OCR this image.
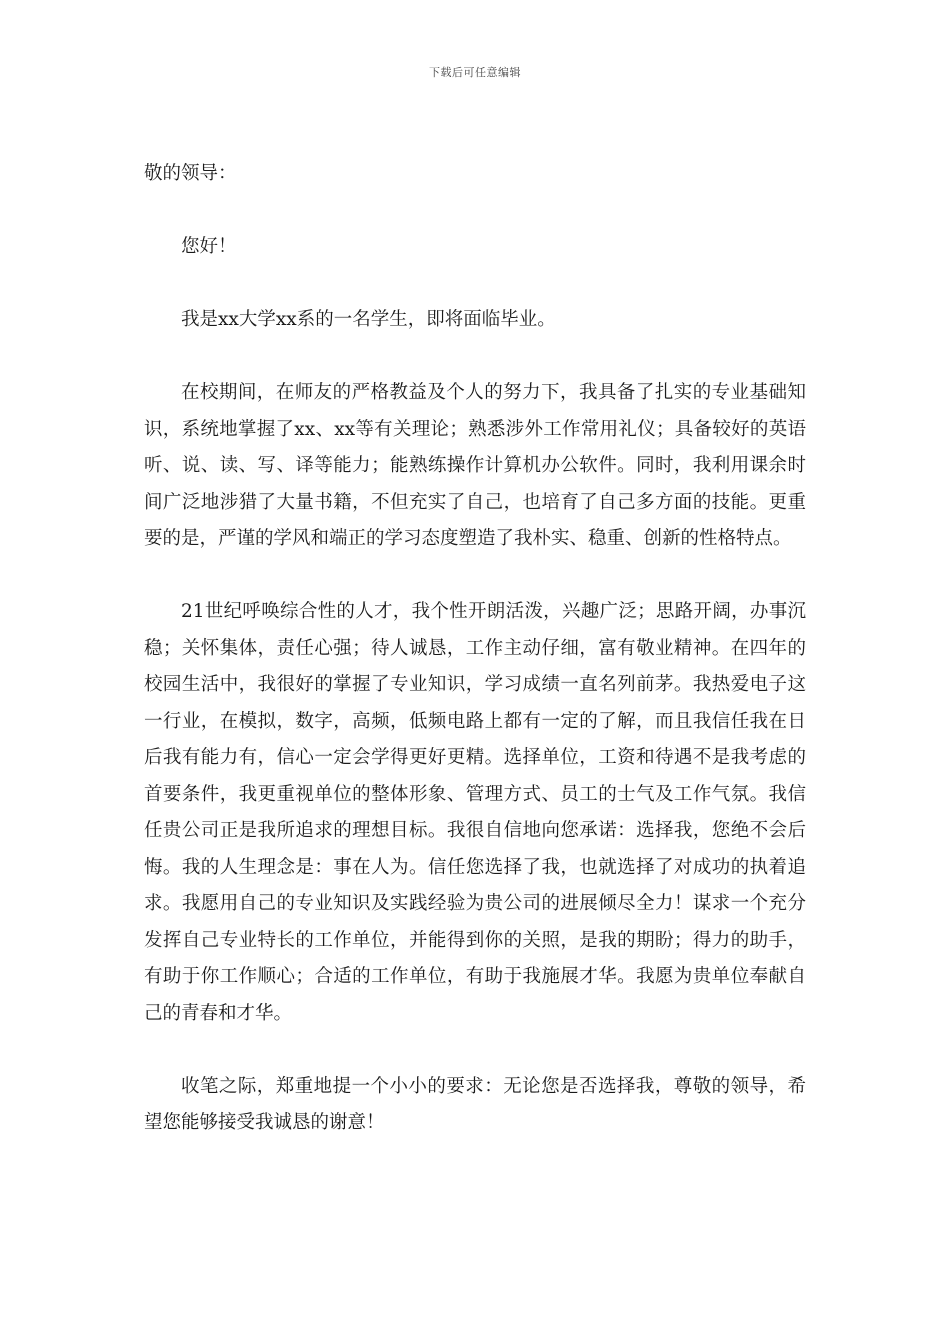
下载后可任意编辑

敬的领导：

您好！

我是xx大学xx系的一名学生，即将面临毕业。

在校期间，在师友的严格教益及个人的努力下，我具备了扎实的专业基础知识，系统地掌握了xx、xx等有关理论；熟悉涉外工作常用礼仪；具备较好的英语听、说、读、写、译等能力；能熟练操作计算机办公软件。同时，我利用课余时间广泛地涉猎了大量书籍，不但充实了自己，也培育了自己多方面的技能。更重要的是，严谨的学风和端正的学习态度塑造了我朴实、稳重、创新的性格特点。

21世纪呼唤综合性的人才，我个性开朗活泼，兴趣广泛；思路开阔，办事沉稳；关怀集体，责任心强；待人诚恳，工作主动仔细，富有敬业精神。在四年的校园生活中，我很好的掌握了专业知识，学习成绩一直名列前茅。我热爱电子这一行业，在模拟，数字，高频，低频电路上都有一定的了解，而且我信任我在日后我有能力有，信心一定会学得更好更精。选择单位，工资和待遇不是我考虑的首要条件，我更重视单位的整体形象、管理方式、员工的士气及工作气氛。我信任贵公司正是我所追求的理想目标。我很自信地向您承诺：选择我，您绝不会后悔。我的人生理念是：事在人为。信任您选择了我，也就选择了对成功的执着追求。我愿用自己的专业知识及实践经验为贵公司的进展倾尽全力！谋求一个充分发挥自己专业特长的工作单位，并能得到你的关照，是我的期盼；得力的助手，有助于你工作顺心；合适的工作单位，有助于我施展才华。我愿为贵单位奉献自己的青春和才华。

收笔之际，郑重地提一个小小的要求：无论您是否选择我，尊敬的领导，希望您能够接受我诚恳的谢意！
